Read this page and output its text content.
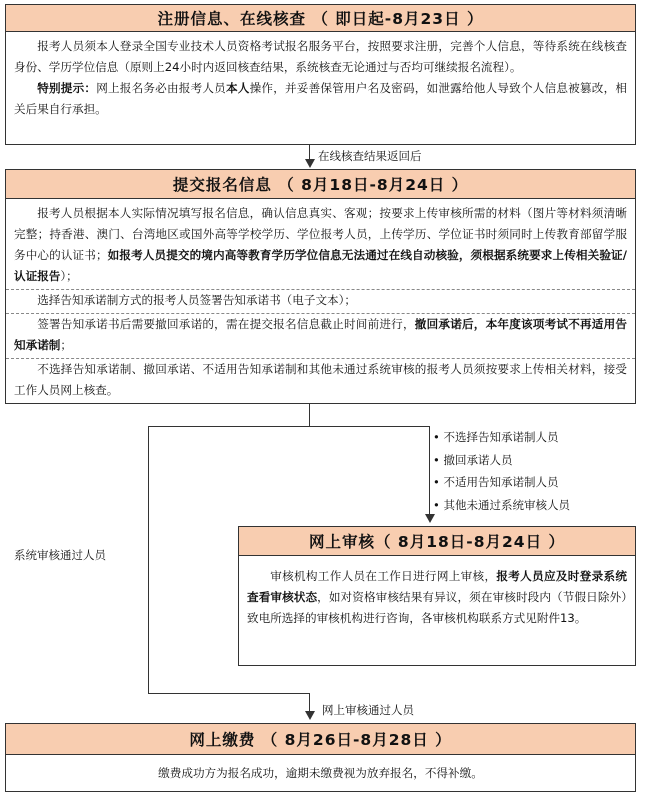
注册信息、在线核查 （ 即日起-8月23日 ）

报考人员须本人登录全国专业技术人员资格考试报名服务平台，按照要求注册，完善个人信息，等待系统在线核查身份、学历学位信息（原则上24小时内返回核查结果，系统核查无论通过与否均可继续报名流程）。

特别提示：网上报名务必由报考人员本人操作，并妥善保管用户名及密码，如泄露给他人导致个人信息被篡改，相关后果自行承担。

在线核查结果返回后
提交报名信息 （ 8月18日-8月24日 ）

报考人员根据本人实际情况填写报名信息，确认信息真实、客观；按要求上传审核所需的材料（图片等材料须清晰完整；持香港、澳门、台湾地区或国外高等学校学历、学位报考人员，上传学历、学位证书时须同时上传教育部留学服务中心的认证书；如报考人员提交的境内高等教育学历学位信息无法通过在线自动核验，须根据系统要求上传相关验证/认证报告）；

选择告知承诺制方式的报考人员签署告知承诺书（电子文本）；

签署告知承诺书后需要撤回承诺的，需在提交报名信息截止时间前进行，撤回承诺后，本年度该项考试不再适用告知承诺制；

不选择告知承诺制、撤回承诺、不适用告知承诺制和其他未通过系统审核的报考人员须按要求上传相关材料，接受工作人员网上核查。

• 不选择告知承诺制人员
• 撤回承诺人员
• 不适用告知承诺制人员
• 其他未通过系统审核人员
系统审核通过人员
网上审核（ 8月18日-8月24日 ）

审核机构工作人员在工作日进行网上审核，报考人员应及时登录系统查看审核状态，如对资格审核结果有异议，须在审核时段内（节假日除外）致电所选择的审核机构进行咨询，各审核机构联系方式见附件13。

网上审核通过人员
网上缴费 （ 8月26日-8月28日 ）
缴费成功方为报名成功，逾期未缴费视为放弃报名，不得补缴。
